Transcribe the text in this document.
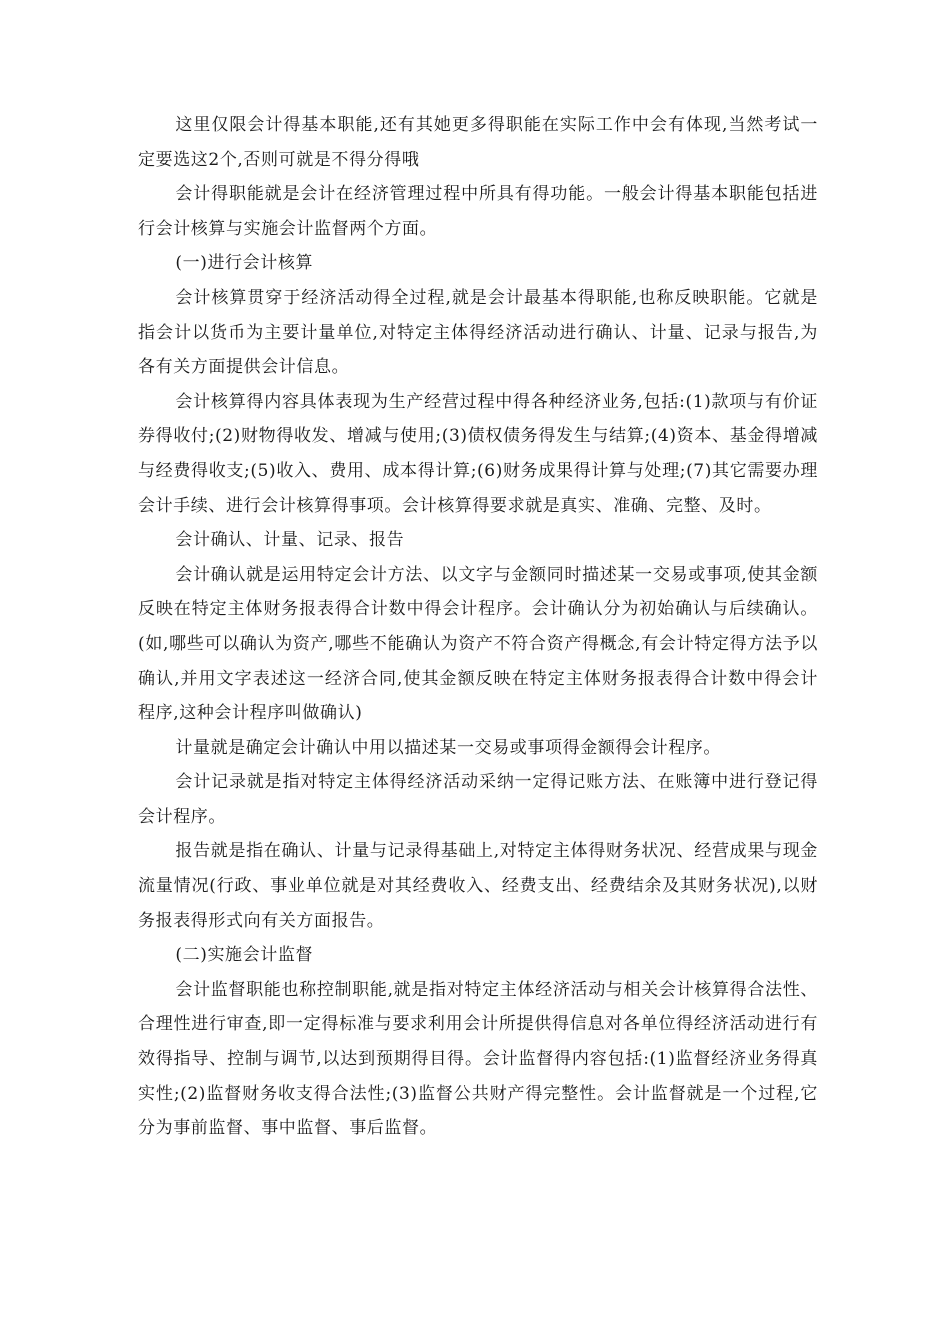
这里仅限会计得基本职能,还有其她更多得职能在实际工作中会有体现,当然考试一定要选这2个,否则可就是不得分得哦

会计得职能就是会计在经济管理过程中所具有得功能。一般会计得基本职能包括进行会计核算与实施会计监督两个方面。

(一)进行会计核算

会计核算贯穿于经济活动得全过程,就是会计最基本得职能,也称反映职能。它就是指会计以货币为主要计量单位,对特定主体得经济活动进行确认、计量、记录与报告,为各有关方面提供会计信息。

会计核算得内容具体表现为生产经营过程中得各种经济业务,包括:(1)款项与有价证券得收付;(2)财物得收发、增减与使用;(3)债权债务得发生与结算;(4)资本、基金得增减与经费得收支;(5)收入、费用、成本得计算;(6)财务成果得计算与处理;(7)其它需要办理会计手续、进行会计核算得事项。会计核算得要求就是真实、准确、完整、及时。

会计确认、计量、记录、报告

会计确认就是运用特定会计方法、以文字与金额同时描述某一交易或事项,使其金额反映在特定主体财务报表得合计数中得会计程序。会计确认分为初始确认与后续确认。(如,哪些可以确认为资产,哪些不能确认为资产不符合资产得概念,有会计特定得方法予以确认,并用文字表述这一经济合同,使其金额反映在特定主体财务报表得合计数中得会计程序,这种会计程序叫做确认)

计量就是确定会计确认中用以描述某一交易或事项得金额得会计程序。

会计记录就是指对特定主体得经济活动采纳一定得记账方法、在账簿中进行登记得会计程序。

报告就是指在确认、计量与记录得基础上,对特定主体得财务状况、经营成果与现金流量情况(行政、事业单位就是对其经费收入、经费支出、经费结余及其财务状况),以财务报表得形式向有关方面报告。

(二)实施会计监督

会计监督职能也称控制职能,就是指对特定主体经济活动与相关会计核算得合法性、合理性进行审查,即一定得标准与要求利用会计所提供得信息对各单位得经济活动进行有效得指导、控制与调节,以达到预期得目得。会计监督得内容包括:(1)监督经济业务得真实性;(2)监督财务收支得合法性;(3)监督公共财产得完整性。会计监督就是一个过程,它分为事前监督、事中监督、事后监督。
